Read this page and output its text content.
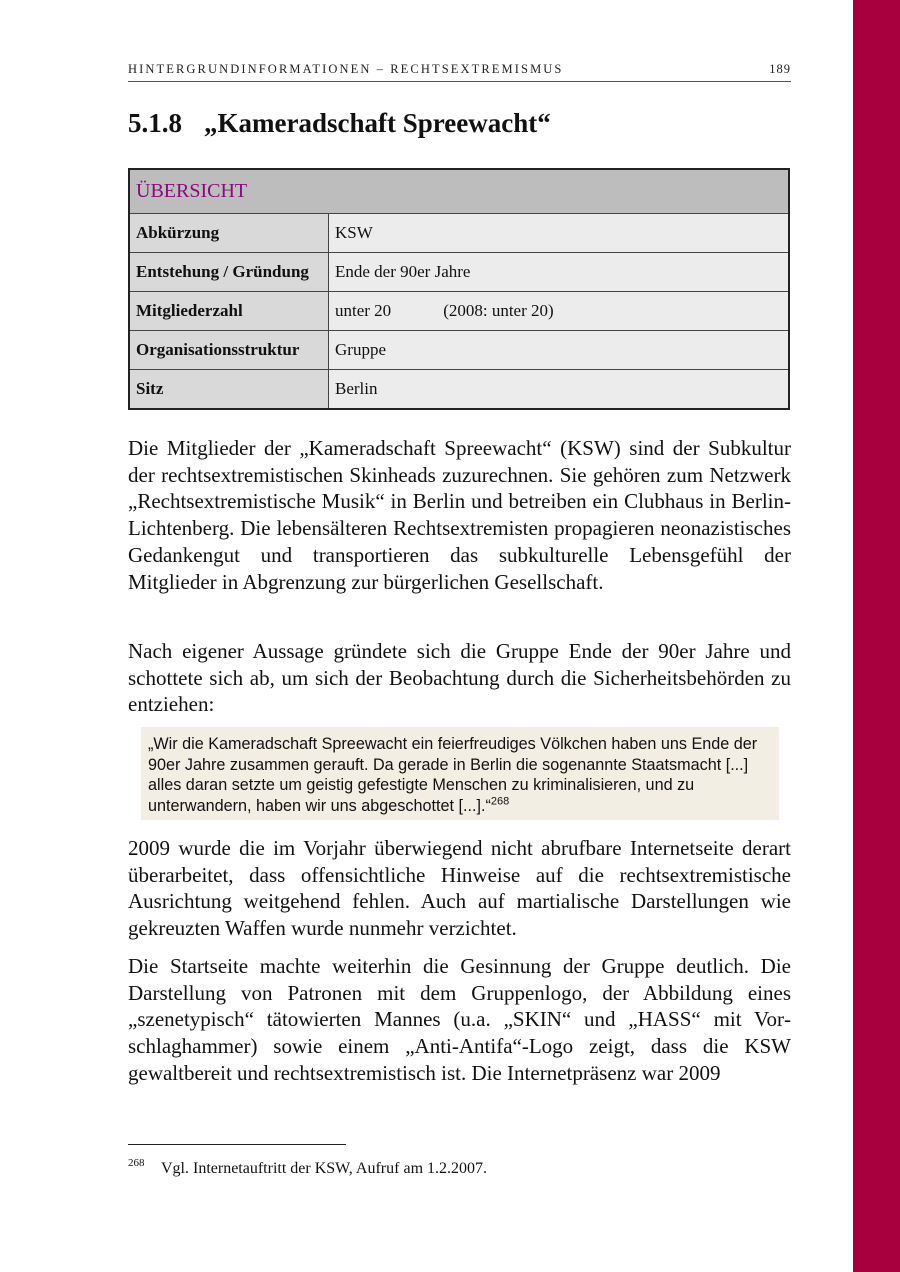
HINTERGRUNDINFORMATIONEN – RECHTSEXTREMISMUS	189
5.1.8 „Kameradschaft Spreewacht“
ÜBERSICHT	
Abkürzung	KSW
Entstehung / Gründung	Ende der 90er Jahre
Mitgliederzahl	unter 20 (2008: unter 20)
Organisationsstruktur	Gruppe
Sitz	Berlin

Die Mitglieder der „Kameradschaft Spreewacht“ (KSW) sind der Subkultur der rechtsextremistischen Skinheads zuzurechnen. Sie gehören zum Netzwerk „Rechtsextremistische Musik“ in Berlin und betreiben ein Clubhaus in Berlin-Lichtenberg. Die lebensälteren Rechtsextremisten propagieren neonazistisches Gedankengut und transportieren das subkulturelle Lebensgefühl der Mitglieder in Abgrenzung zur bürgerlichen Gesellschaft.

Nach eigener Aussage gründete sich die Gruppe Ende der 90er Jahre und schottete sich ab, um sich der Beobachtung durch die Sicherheitsbehörden zu entziehen:

„Wir die Kameradschaft Spreewacht ein feierfreudiges Völkchen haben uns Ende der 90er Jahre zusammen gerauft. Da gerade in Berlin die sogenannte Staatsmacht [...] alles daran setzte um geistig gefestigte Menschen zu kriminalisieren, und zu unterwandern, haben wir uns abgeschottet [...].“$^{268}$

2009 wurde die im Vorjahr überwiegend nicht abrufbare Internetseite derart überarbeitet, dass offensichtliche Hinweise auf die rechtsextremistische Ausrichtung weitgehend fehlen. Auch auf martialische Darstellungen wie gekreuzten Waffen wurde nunmehr verzichtet.

Die Startseite machte weiterhin die Gesinnung der Gruppe deutlich. Die Darstellung von Patronen mit dem Gruppenlogo, der Abbildung eines „szenetypisch“ tätowierten Mannes (u.a. „SKIN“ und „HASS“ mit Vorschlaghammer) sowie einem „Anti-Antifa“-Logo zeigt, dass die KSW gewaltbereit und rechtsextremistisch ist. Die Internetpräsenz war 2009

268 Vgl. Internetauftritt der KSW, Aufruf am 1.2.2007.
